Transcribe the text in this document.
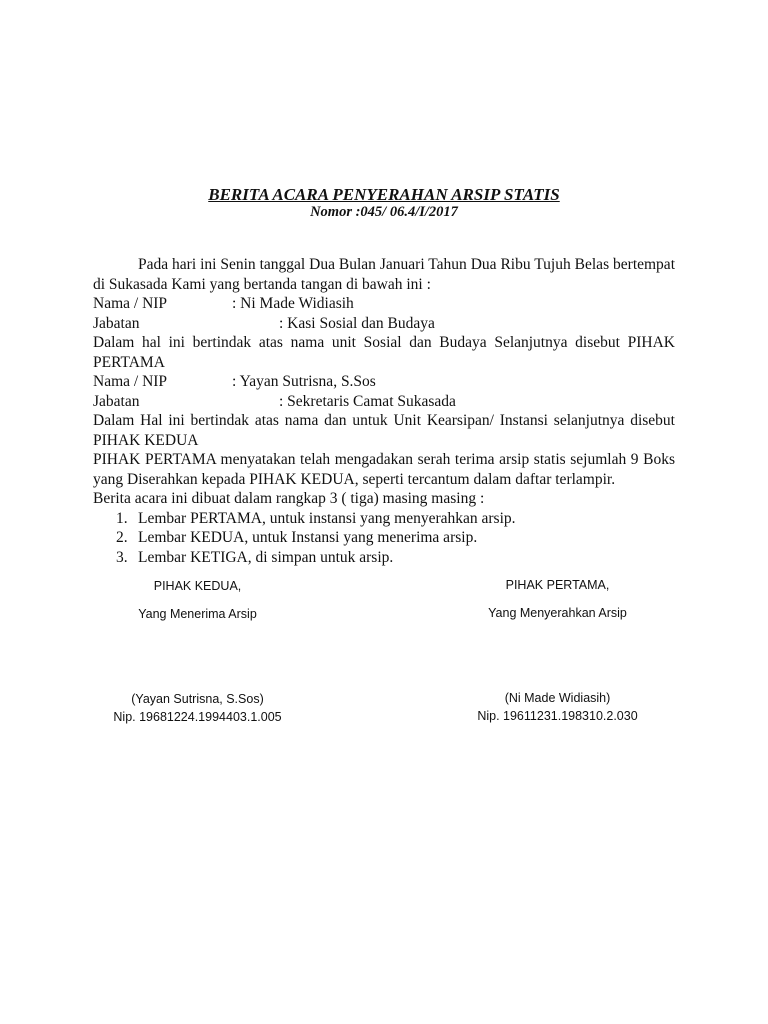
BERITA ACARA PENYERAHAN ARSIP STATIS
Nomor :045/ 06.4/I/2017
Pada hari ini Senin tanggal Dua Bulan Januari Tahun Dua Ribu Tujuh Belas bertempat di Sukasada Kami yang bertanda tangan di bawah ini :
Nama / NIP	: Ni Made Widiasih
Jabatan	: Kasi Sosial dan Budaya
Dalam hal ini bertindak atas nama unit Sosial dan Budaya Selanjutnya disebut PIHAK PERTAMA
Nama / NIP	: Yayan Sutrisna, S.Sos
Jabatan	: Sekretaris Camat Sukasada
Dalam Hal ini bertindak atas nama dan untuk Unit Kearsipan/ Instansi selanjutnya disebut PIHAK KEDUA
PIHAK PERTAMA menyatakan telah mengadakan serah terima arsip statis sejumlah 9 Boks yang Diserahkan kepada PIHAK KEDUA, seperti tercantum dalam daftar terlampir.
Berita acara ini dibuat dalam rangkap 3 ( tiga) masing masing :
1. Lembar PERTAMA, untuk instansi yang menyerahkan arsip.
2. Lembar KEDUA, untuk Instansi yang menerima arsip.
3. Lembar KETIGA, di simpan untuk arsip.
PIHAK KEDUA,
Yang Menerima Arsip
(Yayan Sutrisna, S.Sos)
Nip. 19681224.1994403.1.005
PIHAK PERTAMA,
Yang Menyerahkan Arsip
(Ni Made Widiasih)
Nip. 19611231.198310.2.030
